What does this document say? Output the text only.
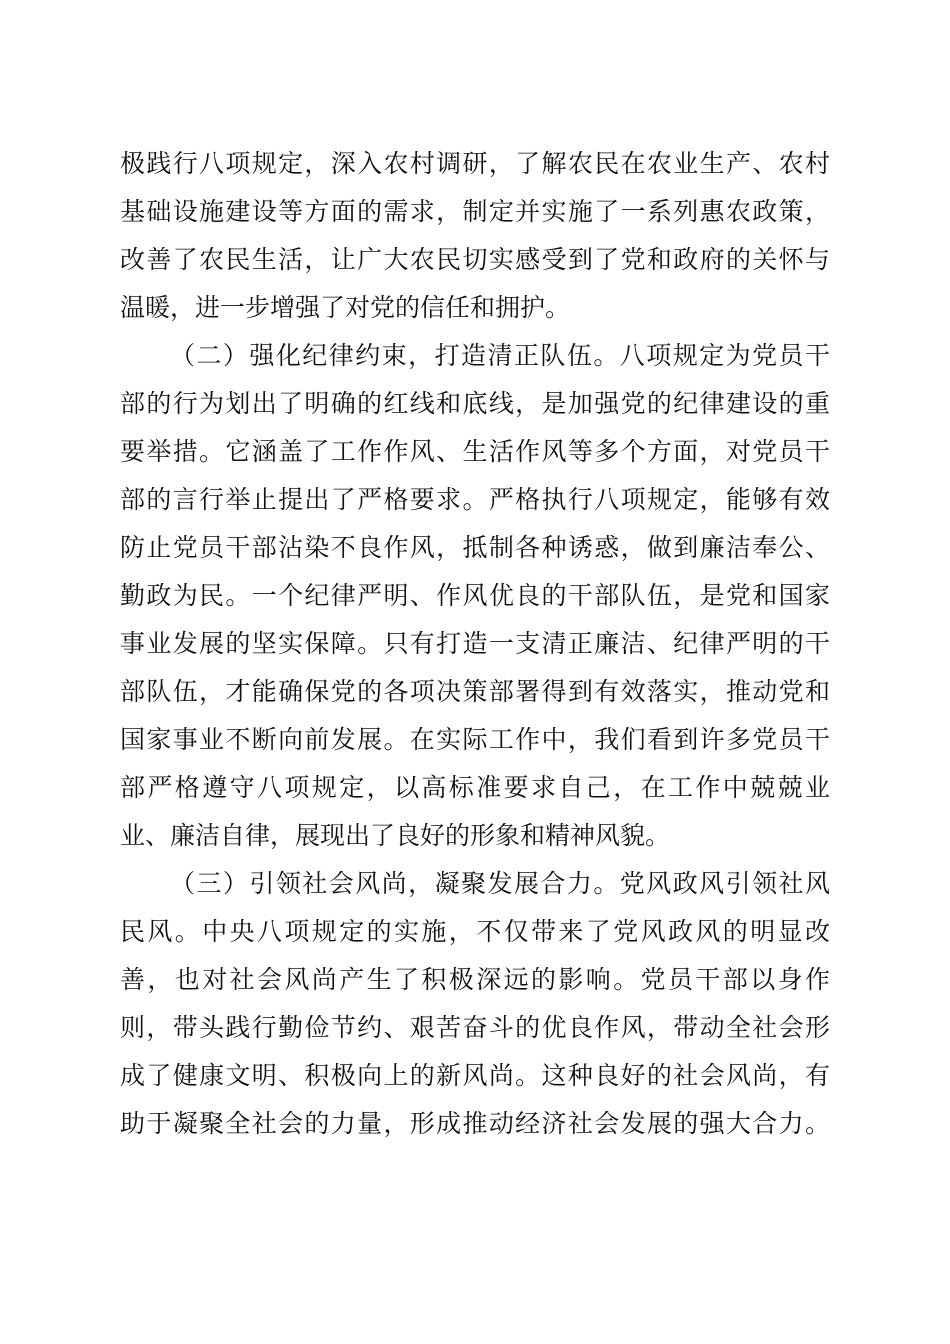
极践行八项规定，深入农村调研，了解农民在农业生产、农村
基础设施建设等方面的需求，制定并实施了一系列惠农政策，
改善了农民生活，让广大农民切实感受到了党和政府的关怀与
温暖，进一步增强了对党的信任和拥护。
（二）强化纪律约束，打造清正队伍。八项规定为党员干
部的行为划出了明确的红线和底线，是加强党的纪律建设的重
要举措。它涵盖了工作作风、生活作风等多个方面，对党员干
部的言行举止提出了严格要求。严格执行八项规定，能够有效
防止党员干部沾染不良作风，抵制各种诱惑，做到廉洁奉公、
勤政为民。一个纪律严明、作风优良的干部队伍，是党和国家
事业发展的坚实保障。只有打造一支清正廉洁、纪律严明的干
部队伍，才能确保党的各项决策部署得到有效落实，推动党和
国家事业不断向前发展。在实际工作中，我们看到许多党员干
部严格遵守八项规定，以高标准要求自己，在工作中兢兢业
业、廉洁自律，展现出了良好的形象和精神风貌。
（三）引领社会风尚，凝聚发展合力。党风政风引领社风
民风。中央八项规定的实施，不仅带来了党风政风的明显改
善，也对社会风尚产生了积极深远的影响。党员干部以身作
则，带头践行勤俭节约、艰苦奋斗的优良作风，带动全社会形
成了健康文明、积极向上的新风尚。这种良好的社会风尚，有
助于凝聚全社会的力量，形成推动经济社会发展的强大合力。
